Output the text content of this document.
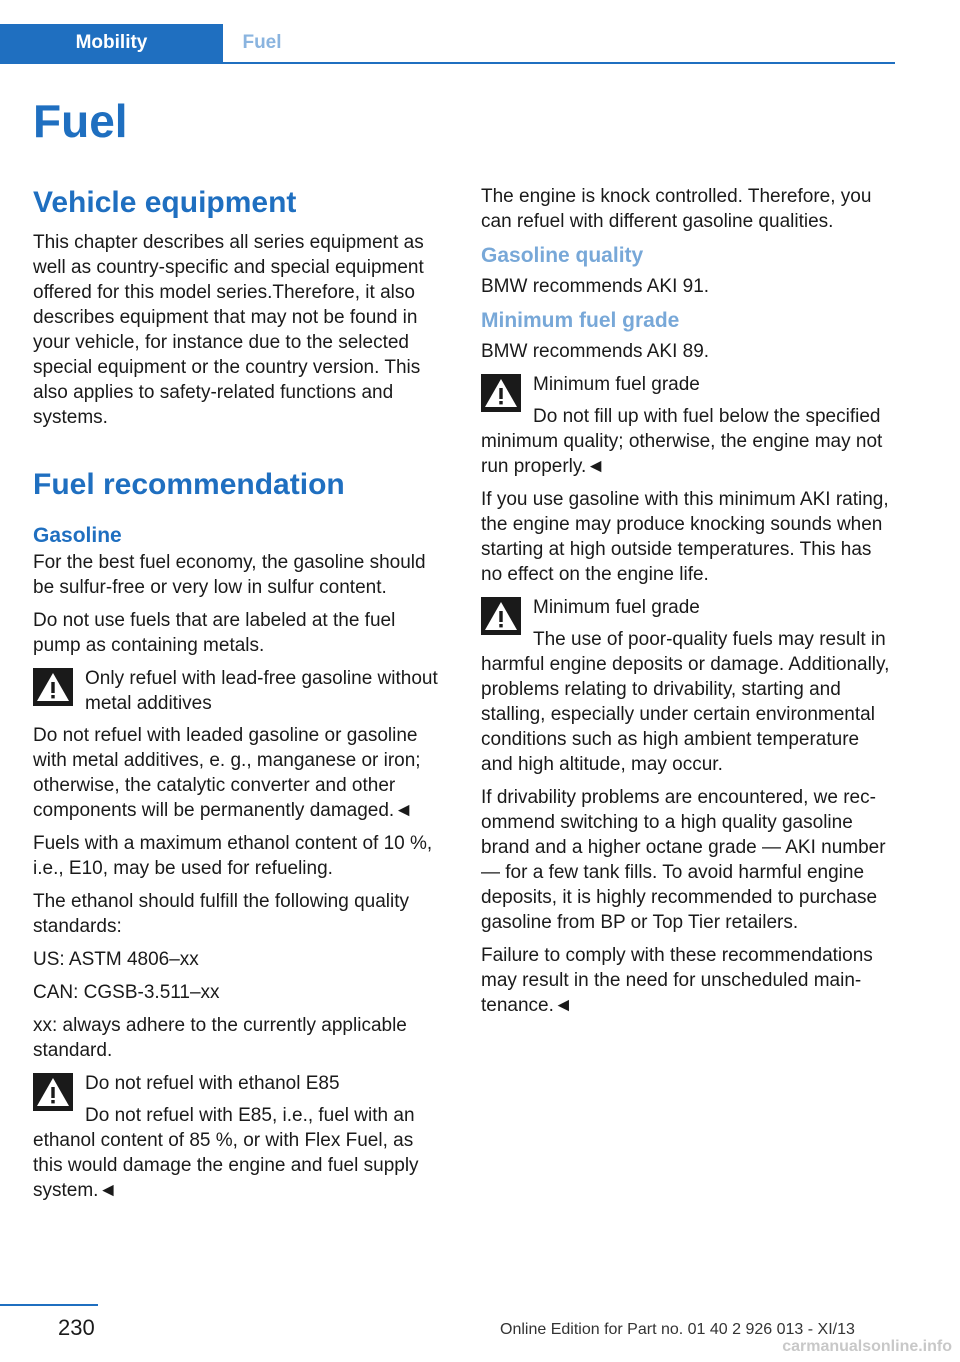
Mobility	Fuel
Fuel
Vehicle equipment

This chapter describes all series equipment as well as country-specific and special equipment offered for this model series.Therefore, it also describes equipment that may not be found in your vehicle, for instance due to the selected special equipment or the country version. This also applies to safety-related functions and systems.

Fuel recommendation
Gasoline

For the best fuel economy, the gasoline should be sulfur-free or very low in sulfur content.

Do not use fuels that are labeled at the fuel pump as containing metals.

Only refuel with lead-free gasoline without metal additives
Do not refuel with leaded gasoline or gasoline with metal additives, e. g., manganese or iron; otherwise, the catalytic converter and other components will be permanently damaged.◄

Fuels with a maximum ethanol content of 10 %, i.e., E10, may be used for refueling.

The ethanol should fulfill the following quality standards:

US: ASTM 4806–xx

CAN: CGSB-3.511–xx

xx: always adhere to the currently applicable standard.

Do not refuel with ethanol E85
Do not refuel with E85, i.e., fuel with an ethanol content of 85 %, or with Flex Fuel, as this would damage the engine and fuel supply system.◄

The engine is knock controlled. Therefore, you can refuel with different gasoline qualities.

Gasoline quality

BMW recommends AKI 91.

Minimum fuel grade

BMW recommends AKI 89.

Minimum fuel grade
Do not fill up with fuel below the specified minimum quality; otherwise, the engine may not run properly.◄

If you use gasoline with this minimum AKI rating, the engine may produce knocking sounds when starting at high outside temperatures. This has no effect on the engine life.

Minimum fuel grade
The use of poor-quality fuels may result in harmful engine deposits or damage. Additionally, problems relating to drivability, starting and stalling, especially under certain environmental conditions such as high ambient temperature and high altitude, may occur.

If drivability problems are encountered, we recommend switching to a high quality gasoline brand and a higher octane grade — AKI number — for a few tank fills. To avoid harmful engine deposits, it is highly recommended to purchase gasoline from BP or Top Tier retailers.

Failure to comply with these recommendations may result in the need for unscheduled maintenance.◄

230	Online Edition for Part no. 01 40 2 926 013 - XI/13
carmanualsonline.info
